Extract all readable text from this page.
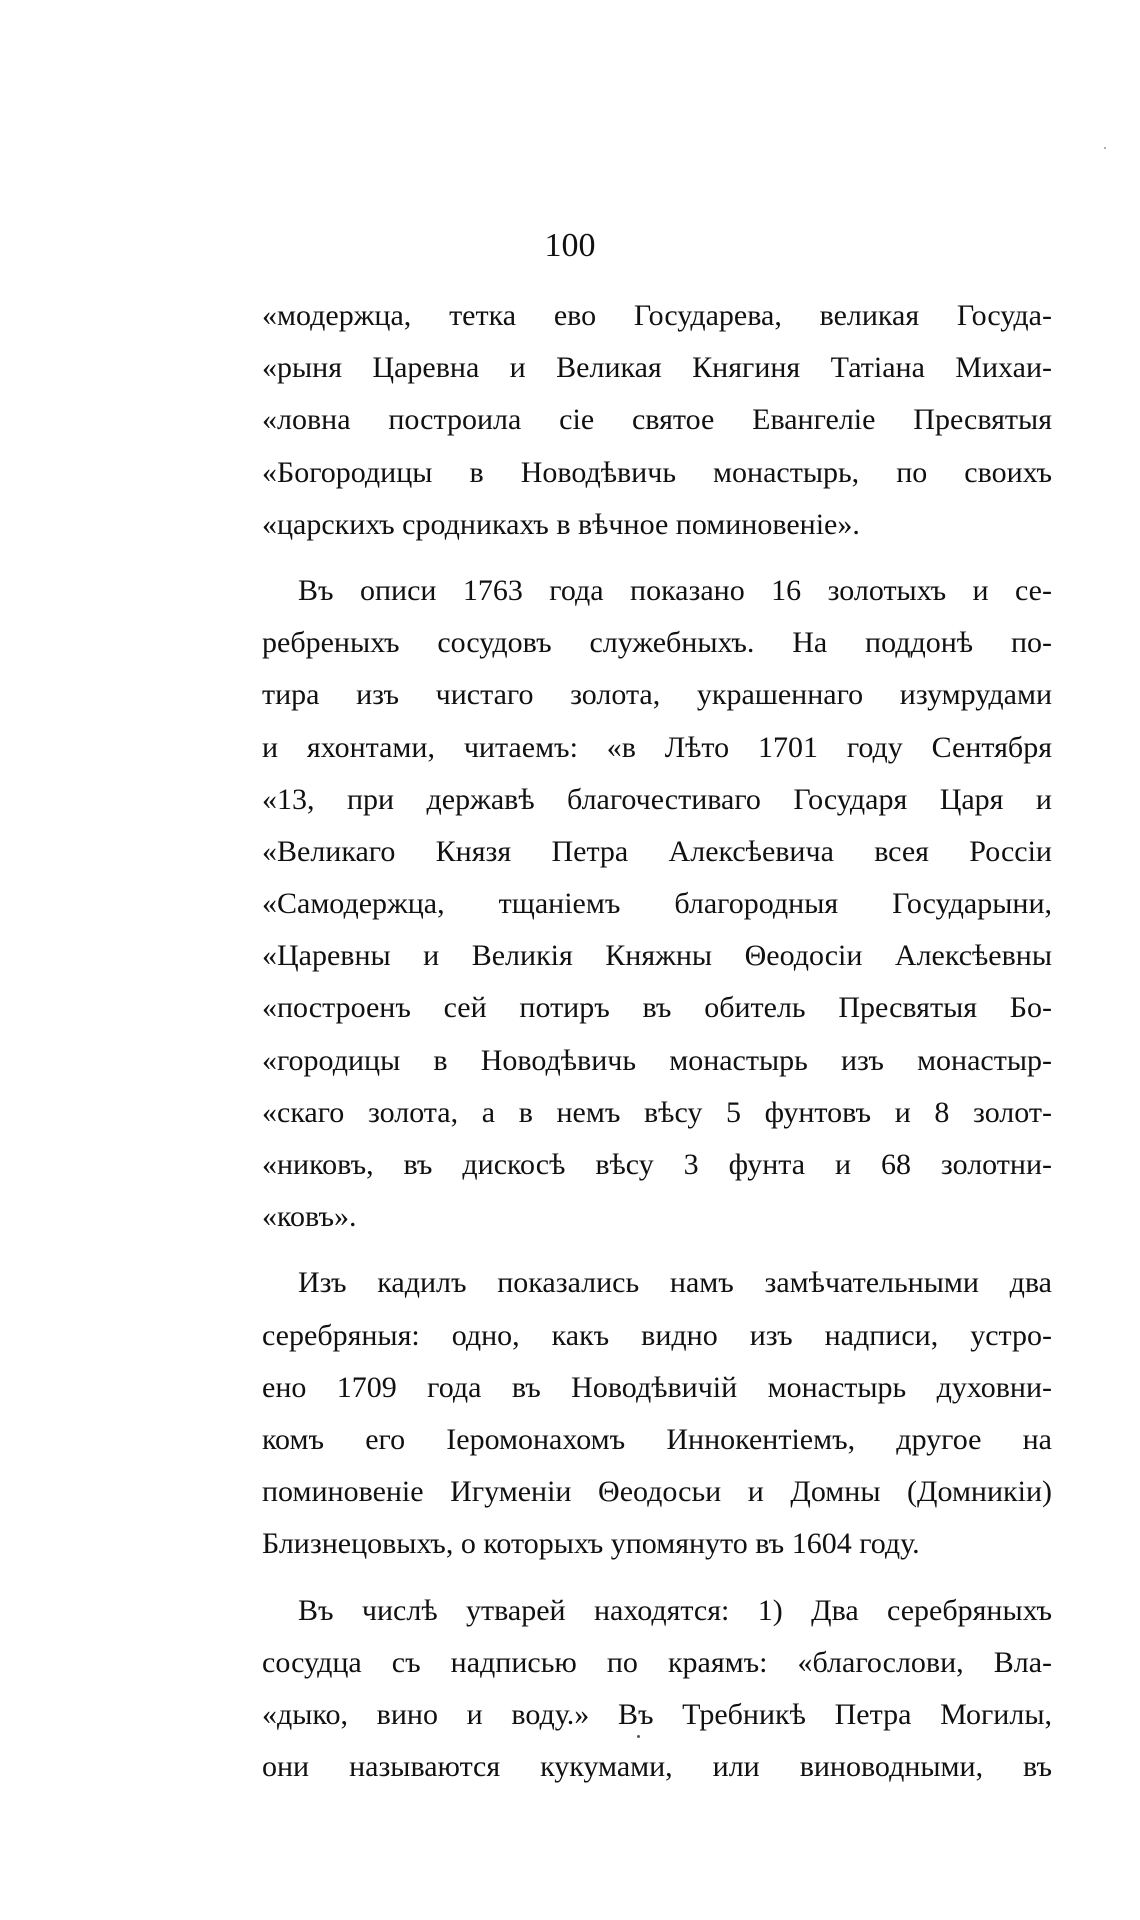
100
«модержца, тетка ево Государева, великая Госуда-
«рыня Царевна и Великая Княгиня Татіана Михаи-
«ловна построила сіе святое Евангеліе Пресвятыя
«Богородицы в Новодѣвичь монастырь, по своихъ
«царскихъ сродникахъ в вѣчное поминовеніе».
Въ описи 1763 года показано 16 золотыхъ и се-
ребреныхъ сосудовъ служебныхъ. На поддонѣ по-
тира изъ чистаго золота, украшеннаго изумрудами
и яхонтами, читаемъ: «в Лѣто 1701 году Сентября
«13, при державѣ благочестиваго Государя Царя и
«Великаго Князя Петра Алексѣевича всея Россіи
«Самодержца, тщаніемъ благородныя Государыни,
«Царевны и Великія Княжны Θеодосіи Алексѣевны
«построенъ сей потиръ въ обитель Пресвятыя Бо-
«городицы в Новодѣвичь монастырь изъ монастыр-
«скаго золота, а в немъ вѣсу 5 фунтовъ и 8 золот-
«никовъ, въ дискосѣ вѣсу 3 фунта и 68 золотни-
«ковъ».
Изъ кадилъ показались намъ замѣчательными два
серебряныя: одно, какъ видно изъ надписи, устро-
ено 1709 года въ Новодѣвичій монастырь духовни-
комъ его Іеромонахомъ Иннокентіемъ, другое на
поминовеніе Игуменіи Θеодосьи и Домны (Домникіи)
Близнецовыхъ, о которыхъ упомянуто въ 1604 году.
Въ числѣ утварей находятся: 1) Два серебряныхъ
сосудца съ надписью по краямъ: «благослови, Вла-
«дыко, вино и воду.» Въ Требникѣ Петра Могилы,
они называются кукумами, или виноводными, въ
